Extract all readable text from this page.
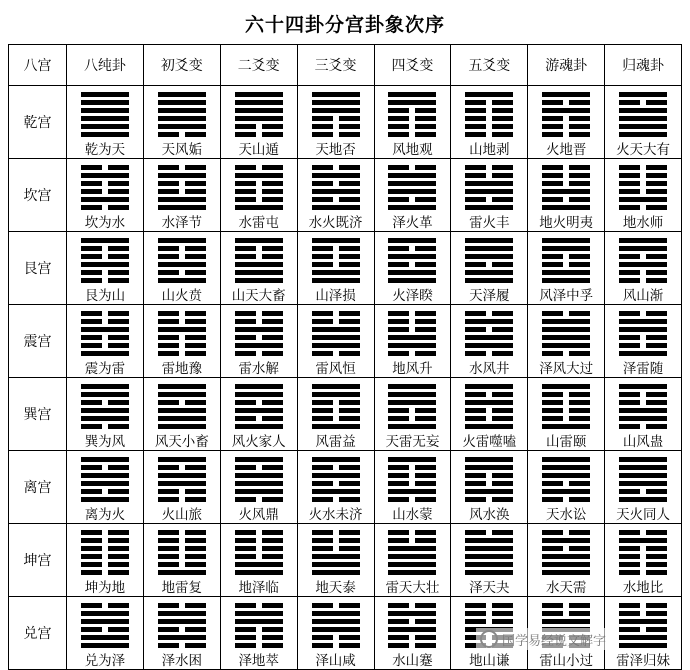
六十四卦分宫卦象次序
八宫	八纯卦	初爻变	二爻变	三爻变	四爻变	五爻变	游魂卦	归魂卦
乾宫	乾为天	天风姤	天山遁	天地否	风地观	山地剥	火地晋	火天大有

坎宫	坎为水	水泽节	水雷屯	水火既济	泽火革	雷火丰	地火明夷	地水师

艮宫	艮为山	山火贲	山天大畜	山泽损	火泽睽	天泽履	风泽中孚	风山渐

震宫	震为雷	雷地豫	雷水解	雷风恒	地风升	水风井	泽风大过	泽雷随

巽宫	巽为风	风天小畜	风火家人	风雷益	天雷无妄	火雷噬嗑	山雷颐	山风蛊

离宫	离为火	火山旅	火风鼎	火水未济	山水蒙	风水涣	天水讼	天火同人

坤宫	坤为地	地雷复	地泽临	地天泰	雷天大壮	泽天夬	水天需	水地比

兑宫	兑为泽	泽水困	泽地萃	泽山咸	水山蹇	地山谦	雷山小过	雷泽归妹
国学易经说文解字
